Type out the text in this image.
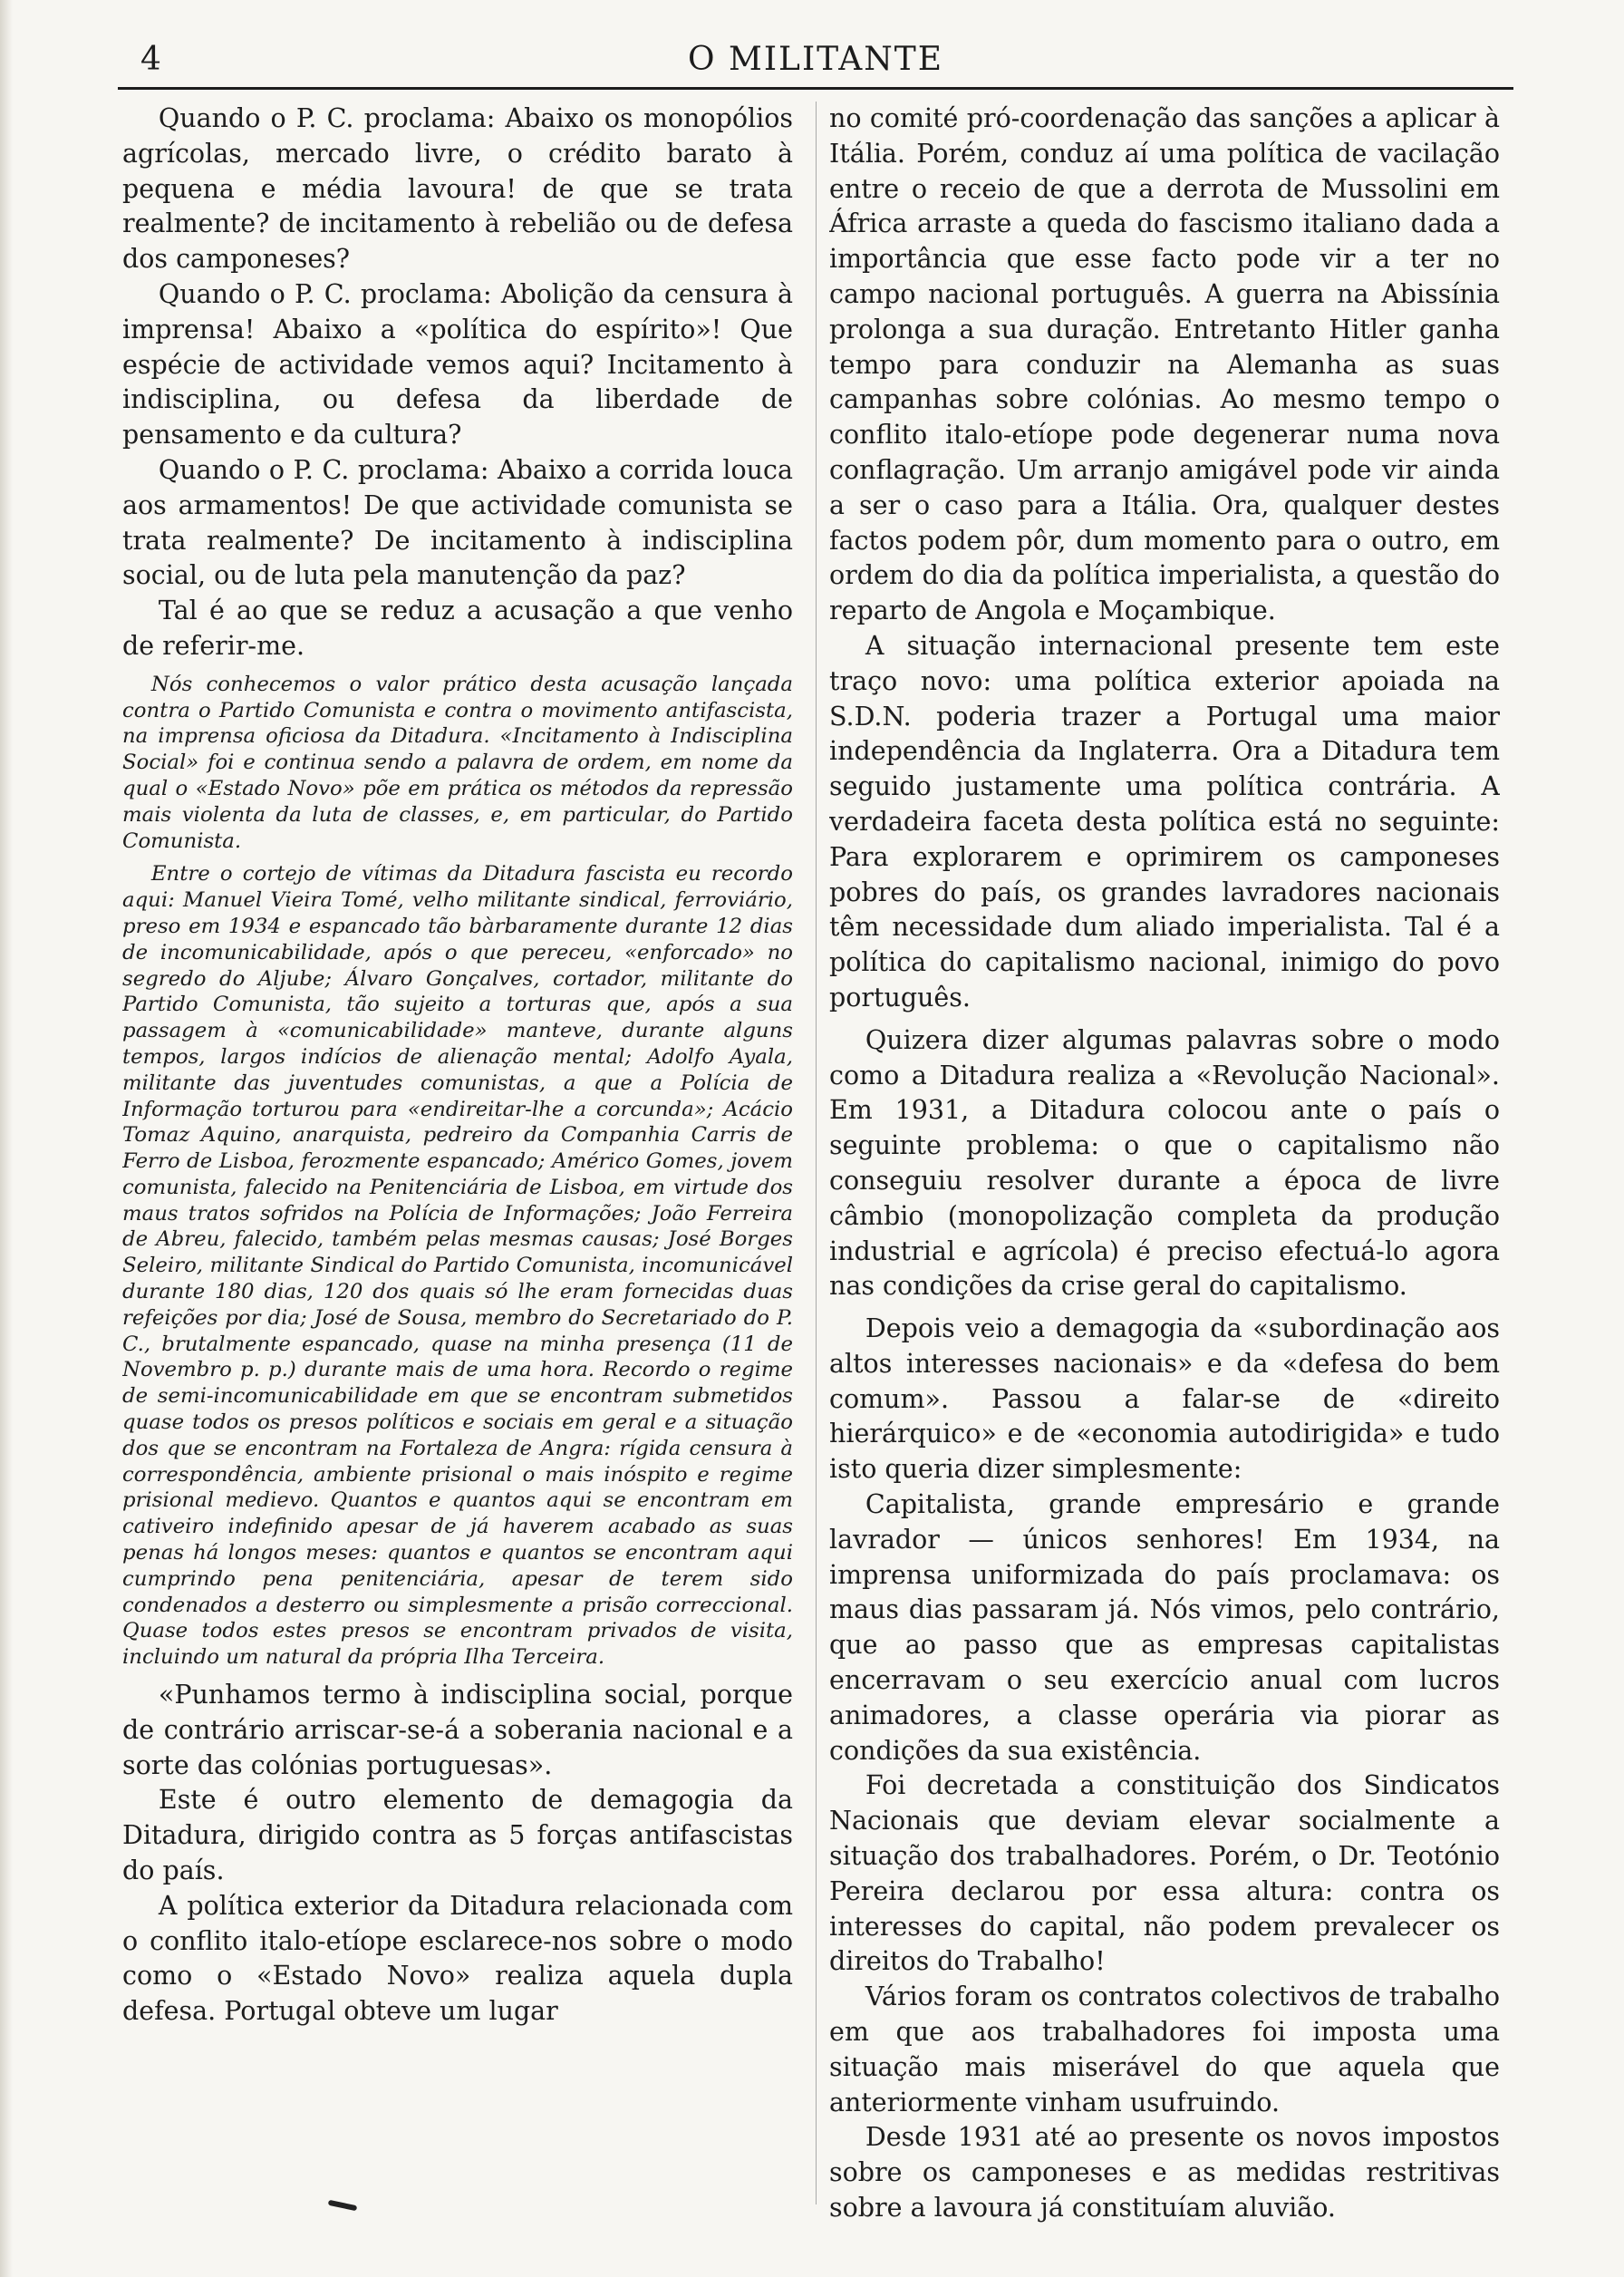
4	O MILITANTE

Quando o P. C. proclama: Abaixo os monopólios agrícolas, mercado livre, o crédito barato à pequena e média lavoura! de que se trata realmente? de incitamento à rebelião ou de defesa dos camponeses?

Quando o P. C. proclama: Abolição da censura à imprensa! Abaixo a «política do espírito»! Que espécie de actividade vemos aqui? Incitamento à indisciplina, ou defesa da liberdade de pensamento e da cultura?

Quando o P. C. proclama: Abaixo a corrida louca aos armamentos! De que actividade comunista se trata realmente? De incitamento à indisciplina social, ou de luta pela manutenção da paz?

Tal é ao que se reduz a acusação a que venho de referir-me.

Nós conhecemos o valor prático desta acusação lançada contra o Partido Comunista e contra o movimento antifascista, na imprensa oficiosa da Ditadura. «Incitamento à Indisciplina Social» foi e continua sendo a palavra de ordem, em nome da qual o «Estado Novo» põe em prática os métodos da repressão mais violenta da luta de classes, e, em particular, do Partido Comunista.

Entre o cortejo de vítimas da Ditadura fascista eu recordo aqui: Manuel Vieira Tomé, velho militante sindical, ferroviário, preso em 1934 e espancado tão bàrbaramente durante 12 dias de incomunicabilidade, após o que pereceu, «enforcado» no segredo do Aljube; Álvaro Gonçalves, cortador, militante do Partido Comunista, tão sujeito a torturas que, após a sua passagem à «comunicabilidade» manteve, durante alguns tempos, largos indícios de alienação mental; Adolfo Ayala, militante das juventudes comunistas, a que a Polícia de Informação torturou para «endireitar-lhe a corcunda»; Acácio Tomaz Aquino, anarquista, pedreiro da Companhia Carris de Ferro de Lisboa, ferozmente espancado; Américo Gomes, jovem comunista, falecido na Penitenciária de Lisboa, em virtude dos maus tratos sofridos na Polícia de Informações; João Ferreira de Abreu, falecido, também pelas mesmas causas; José Borges Seleiro, militante Sindical do Partido Comunista, incomunicável durante 180 dias, 120 dos quais só lhe eram fornecidas duas refeições por dia; José de Sousa, membro do Secretariado do P. C., brutalmente espancado, quase na minha presença (11 de Novembro p. p.) durante mais de uma hora. Recordo o regime de semi-incomunicabilidade em que se encontram submetidos quase todos os presos políticos e sociais em geral e a situação dos que se encontram na Fortaleza de Angra: rígida censura à correspondência, ambiente prisional o mais inóspito e regime prisional medievo. Quantos e quantos aqui se encontram em cativeiro indefinido apesar de já haverem acabado as suas penas há longos meses: quantos e quantos se encontram aqui cumprindo pena penitenciária, apesar de terem sido condenados a desterro ou simplesmente a prisão correccional. Quase todos estes presos se encontram privados de visita, incluindo um natural da própria Ilha Terceira.

«Punhamos termo à indisciplina social, porque de contrário arriscar-se-á a soberania nacional e a sorte das colónias portuguesas».

Este é outro elemento de demagogia da Ditadura, dirigido contra as 5 forças antifascistas do país.

A política exterior da Ditadura relacionada com o conflito italo-etíope esclarece-nos sobre o modo como o «Estado Novo» realiza aquela dupla defesa. Portugal obteve um lugar

no comité pró-coordenação das sanções a aplicar à Itália. Porém, conduz aí uma política de vacilação entre o receio de que a derrota de Mussolini em África arraste a queda do fascismo italiano dada a importância que esse facto pode vir a ter no campo nacional português. A guerra na Abissínia prolonga a sua duração. Entretanto Hitler ganha tempo para conduzir na Alemanha as suas campanhas sobre colónias. Ao mesmo tempo o conflito italo-etíope pode degenerar numa nova conflagração. Um arranjo amigável pode vir ainda a ser o caso para a Itália. Ora, qualquer destes factos podem pôr, dum momento para o outro, em ordem do dia da política imperialista, a questão do reparto de Angola e Moçambique.

A situação internacional presente tem este traço novo: uma política exterior apoiada na S.D.N. poderia trazer a Portugal uma maior independência da Inglaterra. Ora a Ditadura tem seguido justamente uma política contrária. A verdadeira faceta desta política está no seguinte: Para explorarem e oprimirem os camponeses pobres do país, os grandes lavradores nacionais têm necessidade dum aliado imperialista. Tal é a política do capitalismo nacional, inimigo do povo português.

Quizera dizer algumas palavras sobre o modo como a Ditadura realiza a «Revolução Nacional». Em 1931, a Ditadura colocou ante o país o seguinte problema: o que o capitalismo não conseguiu resolver durante a época de livre câmbio (monopolização completa da produção industrial e agrícola) é preciso efectuá-lo agora nas condições da crise geral do capitalismo.

Depois veio a demagogia da «subordinação aos altos interesses nacionais» e da «defesa do bem comum». Passou a falar-se de «direito hierárquico» e de «economia autodirigida» e tudo isto queria dizer simplesmente:

Capitalista, grande empresário e grande lavrador — únicos senhores! Em 1934, na imprensa uniformizada do país proclamava: os maus dias passaram já. Nós vimos, pelo contrário, que ao passo que as empresas capitalistas encerravam o seu exercício anual com lucros animadores, a classe operária via piorar as condições da sua existência.

Foi decretada a constituição dos Sindicatos Nacionais que deviam elevar socialmente a situação dos trabalhadores. Porém, o Dr. Teotónio Pereira declarou por essa altura: contra os interesses do capital, não podem prevalecer os direitos do Trabalho!

Vários foram os contratos colectivos de trabalho em que aos trabalhadores foi imposta uma situação mais miserável do que aquela que anteriormente vinham usufruindo.

Desde 1931 até ao presente os novos impostos sobre os camponeses e as medidas restritivas sobre a lavoura já constituíam aluvião.
